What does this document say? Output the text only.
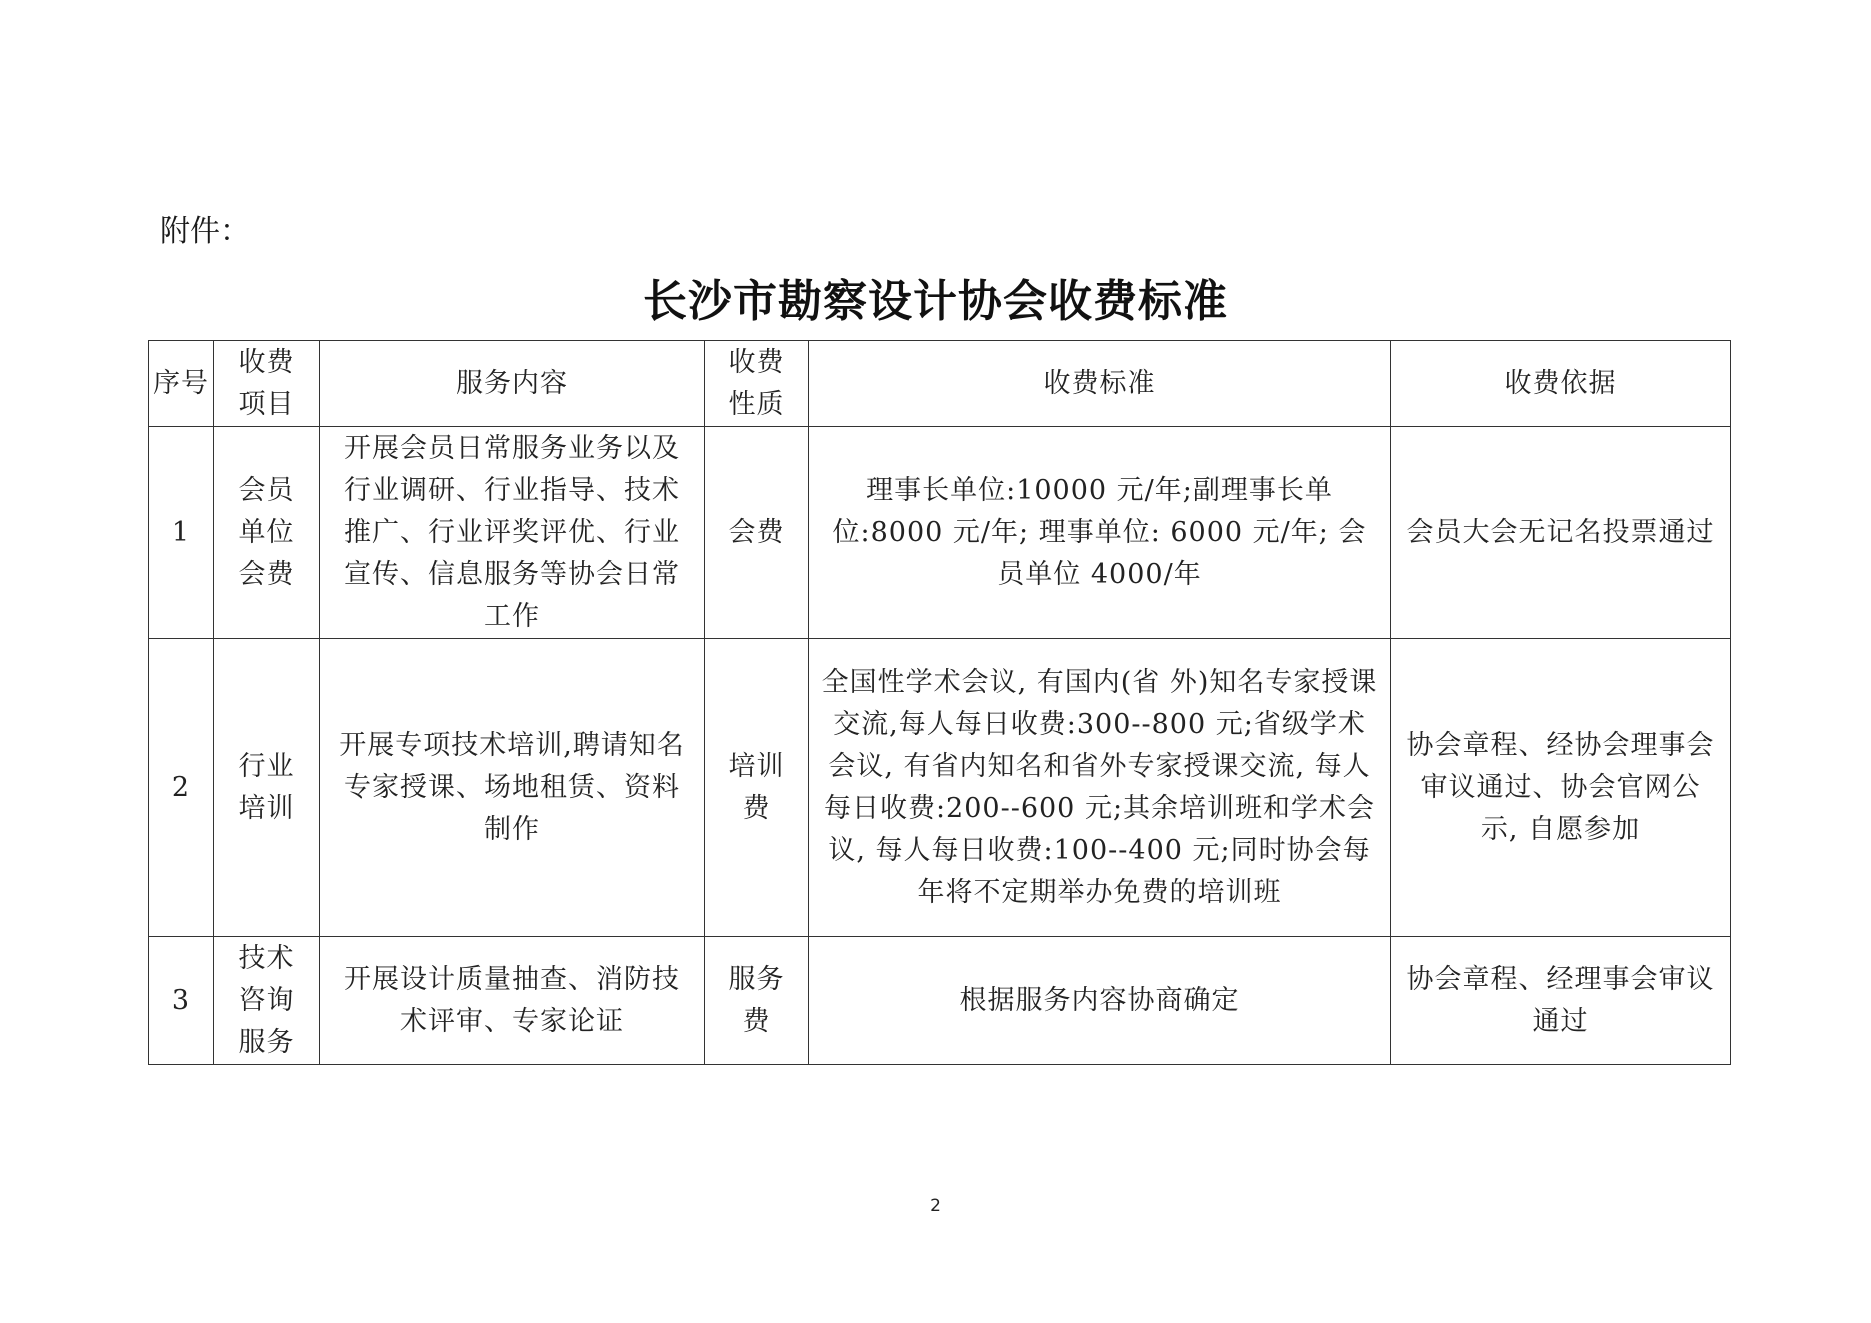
附件：
长沙市勘察设计协会收费标准
序号	收费项目	服务内容	收费性质	收费标准	收费依据
1	会员单位会费	开展会员日常服务业务以及行业调研、行业指导、技术推广、行业评奖评优、行业宣传、信息服务等协会日常工作	会费	理事长单位:10000 元/年;副理事长单位:8000 元/年; 理事单位: 6000 元/年; 会员单位 4000/年	会员大会无记名投票通过
2	行业培训	开展专项技术培训,聘请知名专家授课、场地租赁、资料制作	培训费	全国性学术会议, 有国内(省 外)知名专家授课交流,每人每日收费:300--800 元;省级学术会议, 有省内知名和省外专家授课交流, 每人每日收费:200--600 元;其余培训班和学术会议, 每人每日收费:100--400 元;同时协会每年将不定期举办免费的培训班	协会章程、经协会理事会审议通过、协会官网公示, 自愿参加
3	技术咨询服务	开展设计质量抽查、消防技术评审、专家论证	服务费	根据服务内容协商确定	协会章程、经理事会审议通过
2
